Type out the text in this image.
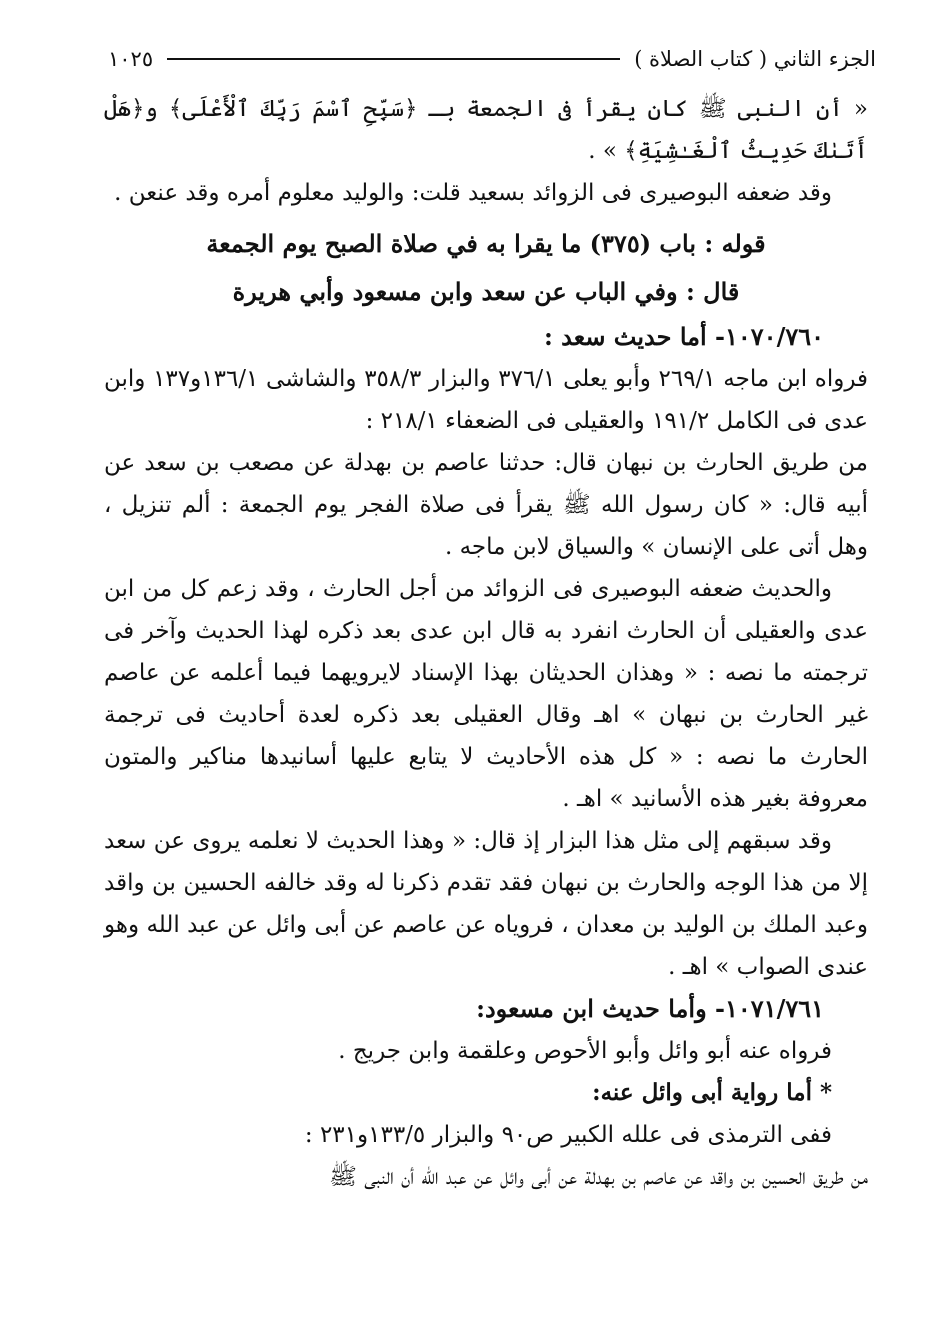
الجزء الثاني ( كتاب الصلاة )
١٠٢٥

« أن النبى ﷺ كان يقرأ فى الجمعة بـ ﴿سَبِّحِ ٱسْمَ رَبِّكَ ٱلْأَعْلَى﴾ و﴿هَلْ أَتَىٰكَ حَدِيثُ ٱلْغَـٰشِيَةِ﴾ » .

وقد ضعفه البوصيرى فى الزوائد بسعيد قلت: والوليد معلوم أمره وقد عنعن .

قوله : باب (٣٧٥) ما يقرا به في صلاة الصبح يوم الجمعة

قال : وفي الباب عن سعد وابن مسعود وأبي هريرة

١٠٧٠/٧٦٠- أما حديث سعد :

فرواه ابن ماجه ٢٦٩/١ وأبو يعلى ٣٧٦/١ والبزار ٣٥٨/٣ والشاشى ١٣٦/١و١٣٧ وابن عدى فى الكامل ١٩١/٢ والعقيلى فى الضعفاء ٢١٨/١ :

من طريق الحارث بن نبهان قال: حدثنا عاصم بن بهدلة عن مصعب بن سعد عن أبيه قال: « كان رسول الله ﷺ يقرأ فى صلاة الفجر يوم الجمعة : ألم تنزيل ، وهل أتى على الإنسان » والسياق لابن ماجه .

والحديث ضعفه البوصيرى فى الزوائد من أجل الحارث ، وقد زعم كل من ابن عدى والعقيلى أن الحارث انفرد به قال ابن عدى بعد ذكره لهذا الحديث وآخر فى ترجمته ما نصه : « وهذان الحديثان بهذا الإسناد لايرويهما فيما أعلمه عن عاصم غير الحارث بن نبهان » اهـ وقال العقيلى بعد ذكره لعدة أحاديث فى ترجمة الحارث ما نصه : « كل هذه الأحاديث لا يتابع عليها أسانيدها مناكير والمتون معروفة بغير هذه الأسانيد » اهـ .

وقد سبقهم إلى مثل هذا البزار إذ قال: « وهذا الحديث لا نعلمه يروى عن سعد إلا من هذا الوجه والحارث بن نبهان فقد تقدم ذكرنا له وقد خالفه الحسين بن واقد وعبد الملك بن الوليد بن معدان ، فروياه عن عاصم عن أبى وائل عن عبد الله وهو عندى الصواب » اهـ .

١٠٧١/٧٦١- وأما حديث ابن مسعود:

فرواه عنه أبو وائل وأبو الأحوص وعلقمة وابن جريج .

* أما رواية أبى وائل عنه:

ففى الترمذى فى علله الكبير ص٩٠ والبزار ١٣٣/٥و٢٣١ :

من طريق الحسين بن واقد عن عاصم بن بهدلة عن أبى وائل عن عبد الله أن النبى ﷺ
